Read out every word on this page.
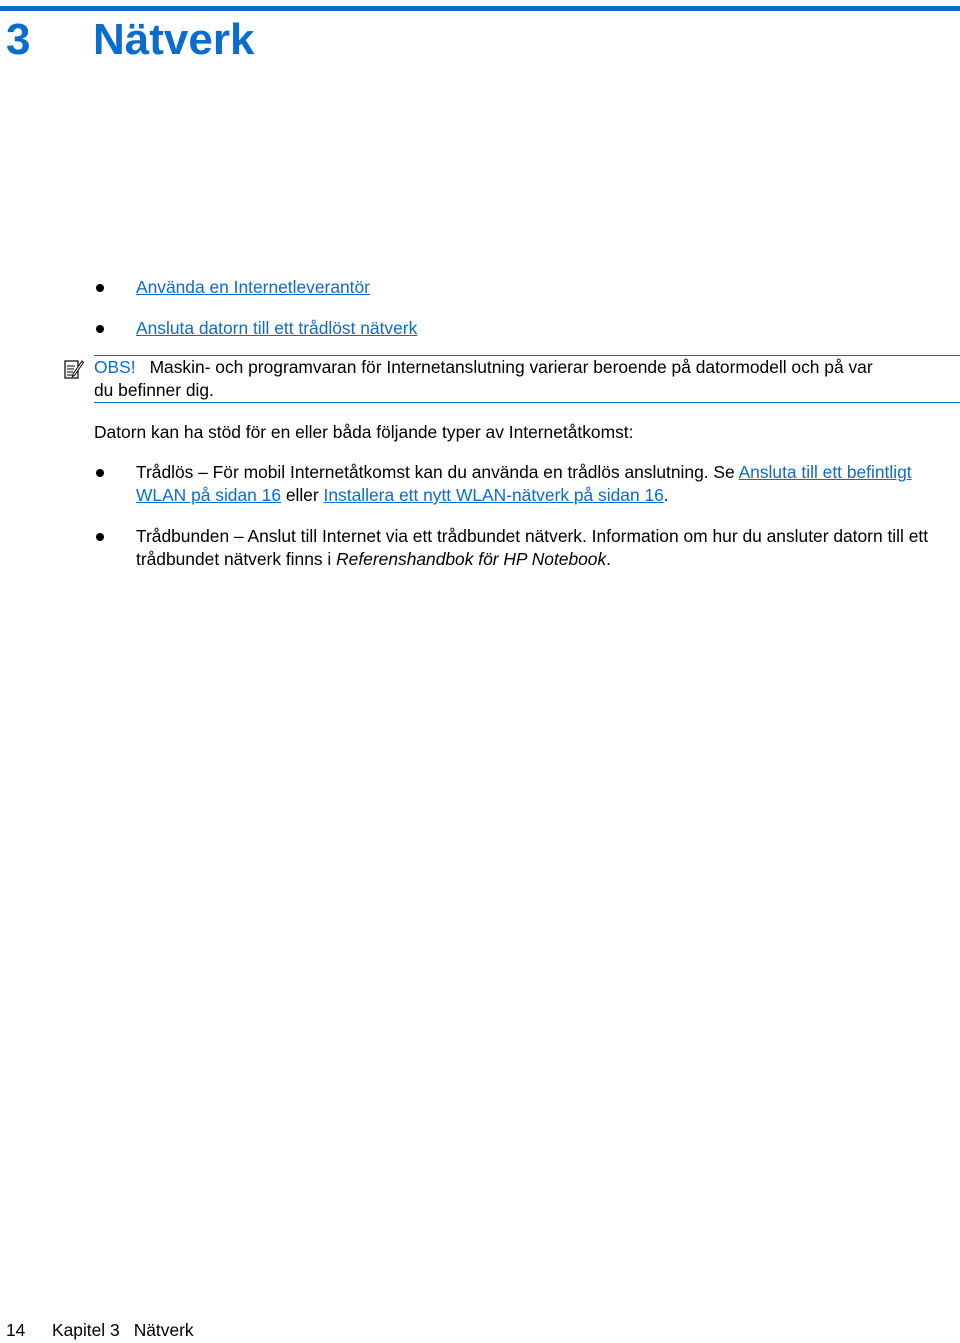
3 Nätverk
Använda en Internetleverantör
Ansluta datorn till ett trådlöst nätverk
OBS! Maskin- och programvaran för Internetanslutning varierar beroende på datormodell och på var
du befinner dig.

Datorn kan ha stöd för en eller båda följande typer av Internetåtkomst:

Trådlös – För mobil Internetåtkomst kan du använda en trådlös anslutning. Se Ansluta till ett befintligt WLAN på sidan 16 eller Installera ett nytt WLAN-nätverk på sidan 16.
Trådbunden – Anslut till Internet via ett trådbundet nätverk. Information om hur du ansluter datorn till ett trådbundet nätverk finns i Referenshandbok för HP Notebook.
14 Kapitel 3 Nätverk
